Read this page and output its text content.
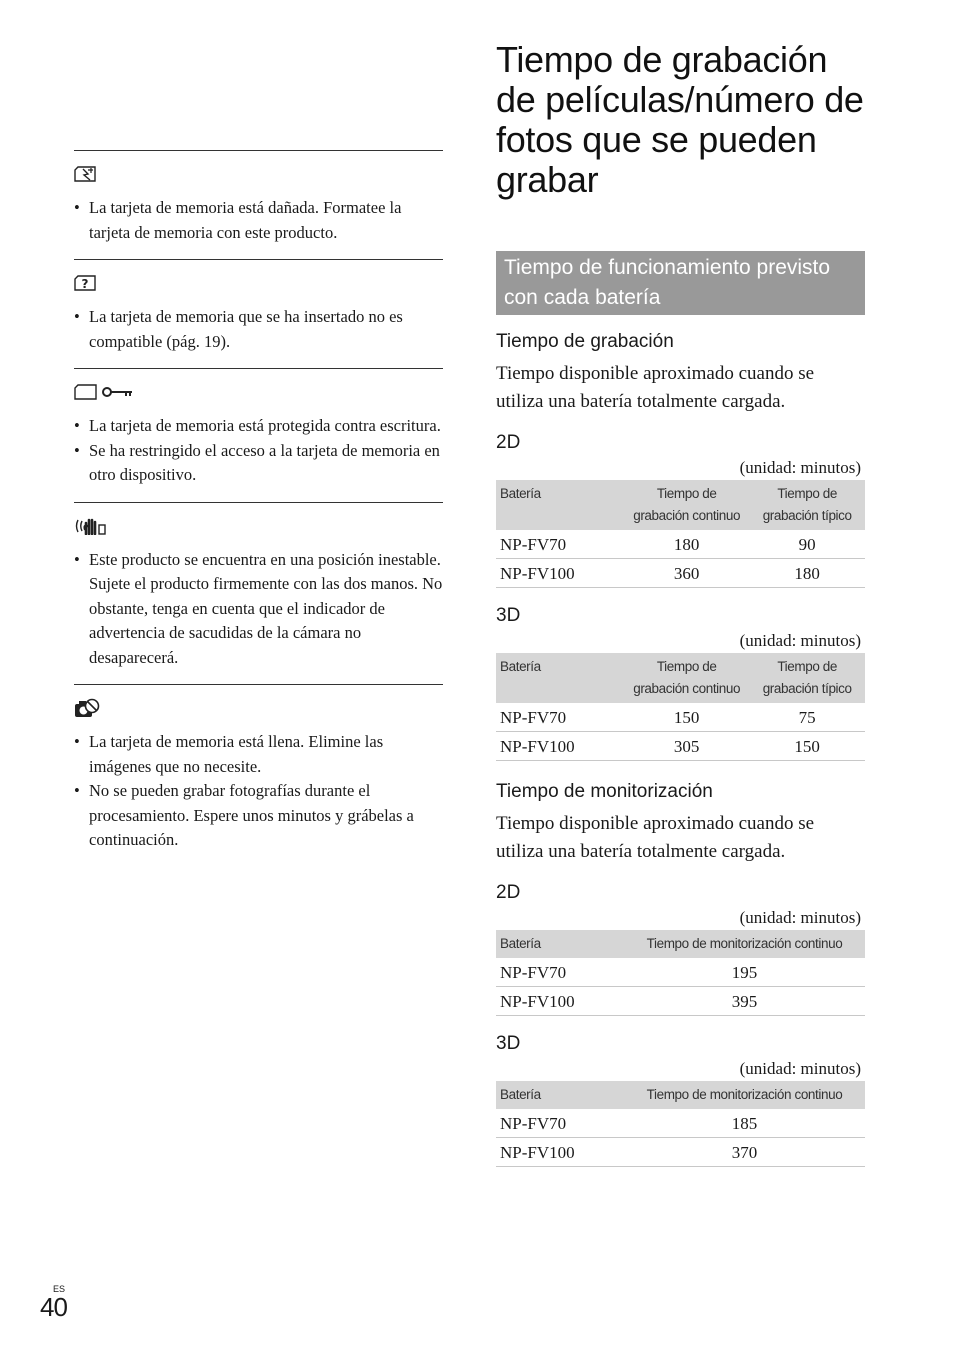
• La tarjeta de memoria está dañada. Formatee la tarjeta de memoria con este producto.
?
• La tarjeta de memoria que se ha insertado no es compatible (pág. 19).
• La tarjeta de memoria está protegida contra escritura.
• Se ha restringido el acceso a la tarjeta de memoria en otro dispositivo.
• Este producto se encuentra en una posición inestable. Sujete el producto firmemente con las dos manos. No obstante, tenga en cuenta que el indicador de advertencia de sacudidas de la cámara no desaparecerá.
• La tarjeta de memoria está llena. Elimine las imágenes que no necesite.
• No se pueden grabar fotografías durante el procesamiento. Espere unos minutos y grábelas a continuación.
Tiempo de grabación de películas/número de fotos que se pueden grabar
Tiempo de funcionamiento previsto con cada batería
Tiempo de grabación

Tiempo disponible aproximado cuando se utiliza una batería totalmente cargada.

2D
(unidad: minutos)
Batería	Tiempo de grabación continuo	Tiempo de grabación típico
NP-FV70	180	90
NP-FV100	360	180
3D
(unidad: minutos)
Batería	Tiempo de grabación continuo	Tiempo de grabación típico
NP-FV70	150	75
NP-FV100	305	150
Tiempo de monitorización

Tiempo disponible aproximado cuando se utiliza una batería totalmente cargada.

2D
(unidad: minutos)
Batería	Tiempo de monitorización continuo
NP-FV70	195
NP-FV100	395
3D
(unidad: minutos)
Batería	Tiempo de monitorización continuo
NP-FV70	185
NP-FV100	370
ES
40
